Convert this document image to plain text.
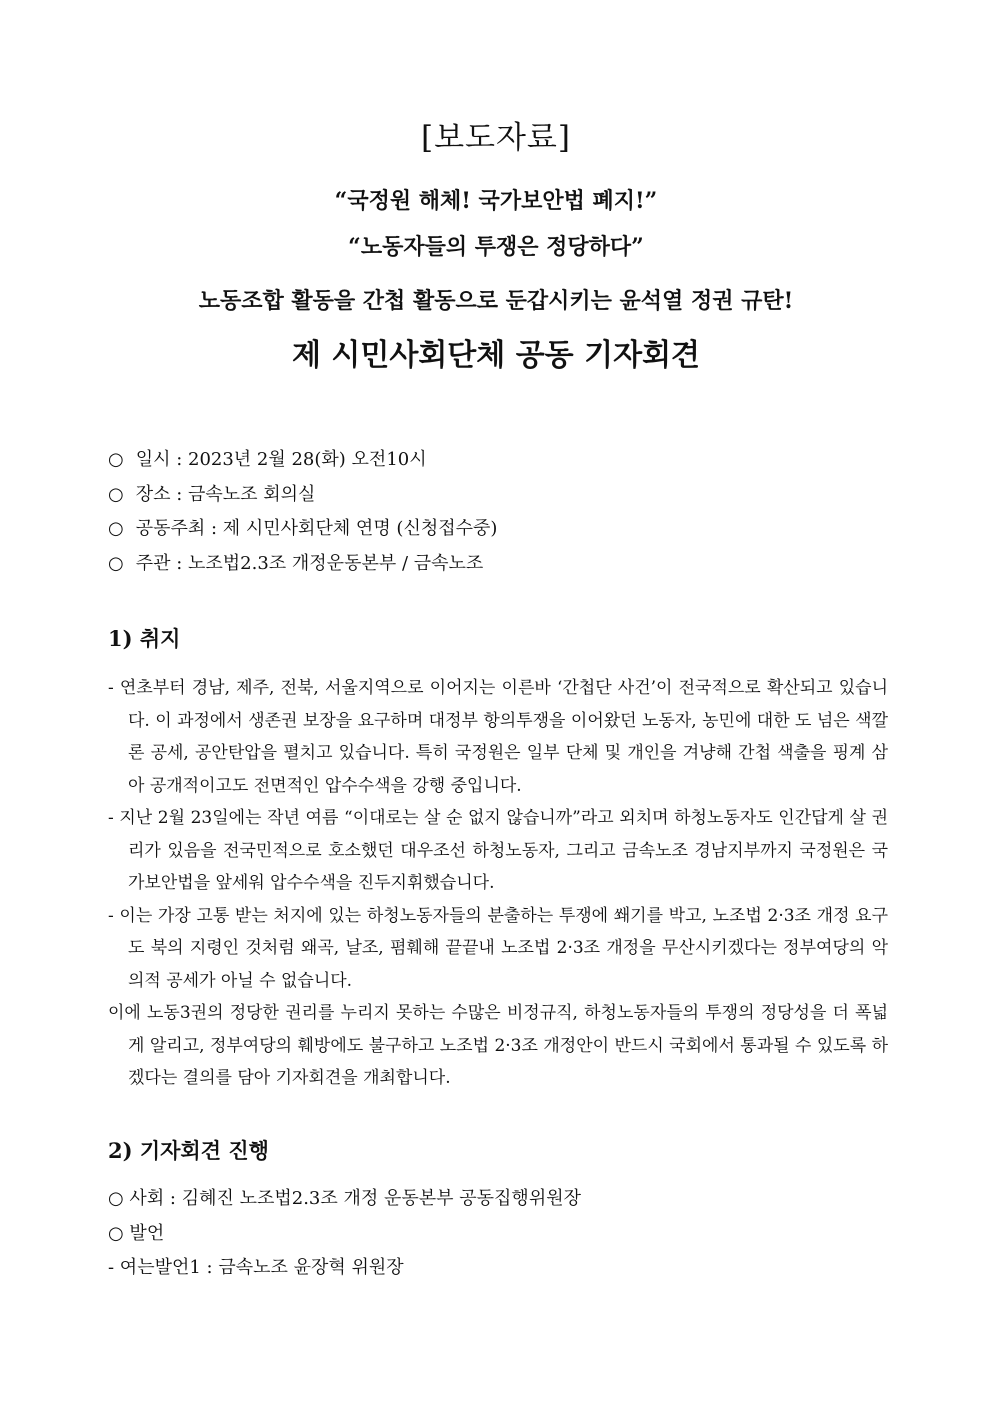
[보도자료]
“국정원 해체! 국가보안법 폐지!”
“노동자들의 투쟁은 정당하다”
노동조합 활동을 간첩 활동으로 둔갑시키는 윤석열 정권 규탄!
제 시민사회단체 공동 기자회견
○ 일시 : 2023년 2월 28(화) 오전10시
○ 장소 : 금속노조 회의실
○ 공동주최 : 제 시민사회단체 연명 (신청접수중)
○ 주관 : 노조법2.3조 개정운동본부 / 금속노조
1) 취지

- 연초부터 경남, 제주, 전북, 서울지역으로 이어지는 이른바 ‘간첩단 사건’이 전국적으로 확산되고 있습니다. 이 과정에서 생존권 보장을 요구하며 대정부 항의투쟁을 이어왔던 노동자, 농민에 대한 도 넘은 색깔론 공세, 공안탄압을 펼치고 있습니다. 특히 국정원은 일부 단체 및 개인을 겨냥해 간첩 색출을 핑계 삼아 공개적이고도 전면적인 압수수색을 강행 중입니다.

- 지난 2월 23일에는 작년 여름 “이대로는 살 순 없지 않습니까”라고 외치며 하청노동자도 인간답게 살 권리가 있음을 전국민적으로 호소했던 대우조선 하청노동자, 그리고 금속노조 경남지부까지 국정원은 국가보안법을 앞세워 압수수색을 진두지휘했습니다.

- 이는 가장 고통 받는 처지에 있는 하청노동자들의 분출하는 투쟁에 쐐기를 박고, 노조법 2·3조 개정 요구도 북의 지령인 것처럼 왜곡, 날조, 폄훼해 끝끝내 노조법 2·3조 개정을 무산시키겠다는 정부여당의 악의적 공세가 아닐 수 없습니다.

이에 노동3권의 정당한 권리를 누리지 못하는 수많은 비정규직, 하청노동자들의 투쟁의 정당성을 더 폭넓게 알리고, 정부여당의 훼방에도 불구하고 노조법 2·3조 개정안이 반드시 국회에서 통과될 수 있도록 하겠다는 결의를 담아 기자회견을 개최합니다.

2) 기자회견 진행
○ 사회 : 김혜진 노조법2.3조 개정 운동본부 공동집행위원장
○ 발언
- 여는발언1 : 금속노조 윤장혁 위원장
